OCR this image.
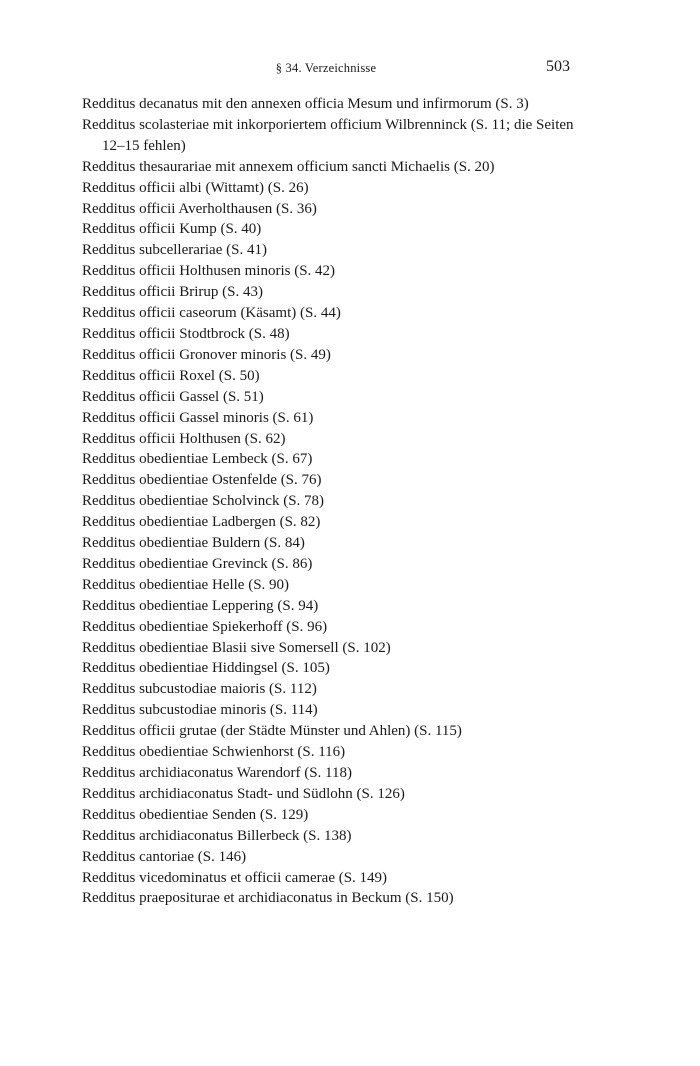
§ 34. Verzeichnisse	503
Redditus decanatus mit den annexen officia Mesum und infirmorum (S. 3)
Redditus scolasteriae mit inkorporiertem officium Wilbrenninck (S. 11; die Seiten 12–15 fehlen)
Redditus thesaurariae mit annexem officium sancti Michaelis (S. 20)
Redditus officii albi (Wittamt) (S. 26)
Redditus officii Averholthausen (S. 36)
Redditus officii Kump (S. 40)
Redditus subcellerariae (S. 41)
Redditus officii Holthusen minoris (S. 42)
Redditus officii Brirup (S. 43)
Redditus officii caseorum (Käsamt) (S. 44)
Redditus officii Stodtbrock (S. 48)
Redditus officii Gronover minoris (S. 49)
Redditus officii Roxel (S. 50)
Redditus officii Gassel (S. 51)
Redditus officii Gassel minoris (S. 61)
Redditus officii Holthusen (S. 62)
Redditus obedientiae Lembeck (S. 67)
Redditus obedientiae Ostenfelde (S. 76)
Redditus obedientiae Scholvinck (S. 78)
Redditus obedientiae Ladbergen (S. 82)
Redditus obedientiae Buldern (S. 84)
Redditus obedientiae Grevinck (S. 86)
Redditus obedientiae Helle (S. 90)
Redditus obedientiae Leppering (S. 94)
Redditus obedientiae Spiekerhoff (S. 96)
Redditus obedientiae Blasii sive Somersell (S. 102)
Redditus obedientiae Hiddingsel (S. 105)
Redditus subcustodiae maioris (S. 112)
Redditus subcustodiae minoris (S. 114)
Redditus officii grutae (der Städte Münster und Ahlen) (S. 115)
Redditus obedientiae Schwienhorst (S. 116)
Redditus archidiaconatus Warendorf (S. 118)
Redditus archidiaconatus Stadt- und Südlohn (S. 126)
Redditus obedientiae Senden (S. 129)
Redditus archidiaconatus Billerbeck (S. 138)
Redditus cantoriae (S. 146)
Redditus vicedominatus et officii camerae (S. 149)
Redditus praepositurae et archidiaconatus in Beckum (S. 150)
